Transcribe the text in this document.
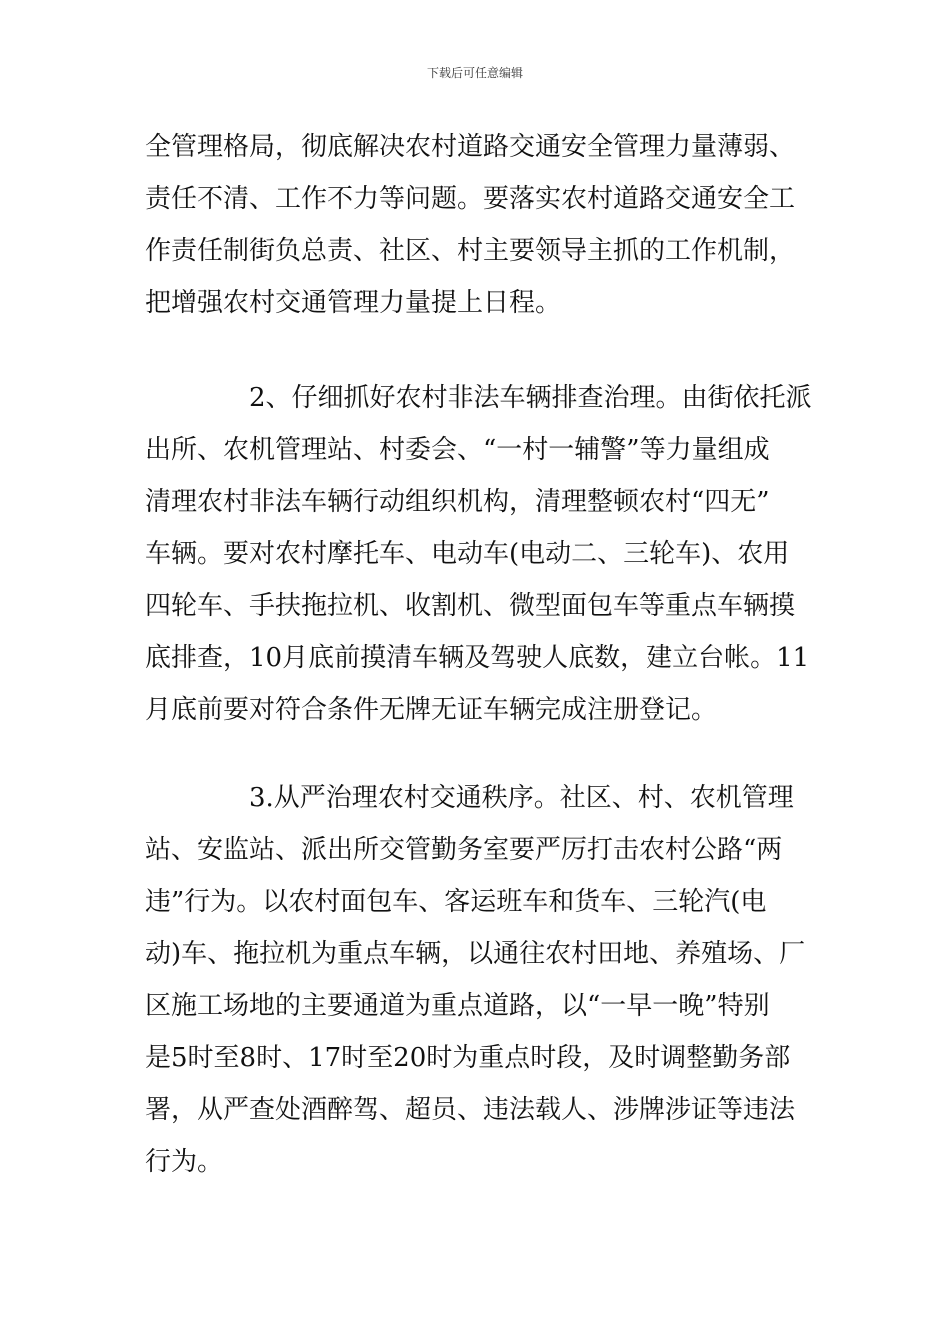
下载后可任意编辑
全管理格局，彻底解决农村道路交通安全管理力量薄弱、
责任不清、工作不力等问题。要落实农村道路交通安全工
作责任制街负总责、社区、村主要领导主抓的工作机制，
把增强农村交通管理力量提上日程。
2、仔细抓好农村非法车辆排查治理。由街依托派
出所、农机管理站、村委会、“一村一辅警”等力量组成
清理农村非法车辆行动组织机构，清理整顿农村“四无”
车辆。要对农村摩托车、电动车(电动二、三轮车)、农用
四轮车、手扶拖拉机、收割机、微型面包车等重点车辆摸
底排查，10月底前摸清车辆及驾驶人底数，建立台帐。11
月底前要对符合条件无牌无证车辆完成注册登记。
3.从严治理农村交通秩序。社区、村、农机管理
站、安监站、派出所交管勤务室要严厉打击农村公路“两
违”行为。以农村面包车、客运班车和货车、三轮汽(电
动)车、拖拉机为重点车辆，以通往农村田地、养殖场、厂
区施工场地的主要通道为重点道路，以“一早一晚”特别
是5时至8时、17时至20时为重点时段，及时调整勤务部
署，从严查处酒醉驾、超员、违法载人、涉牌涉证等违法
行为。
